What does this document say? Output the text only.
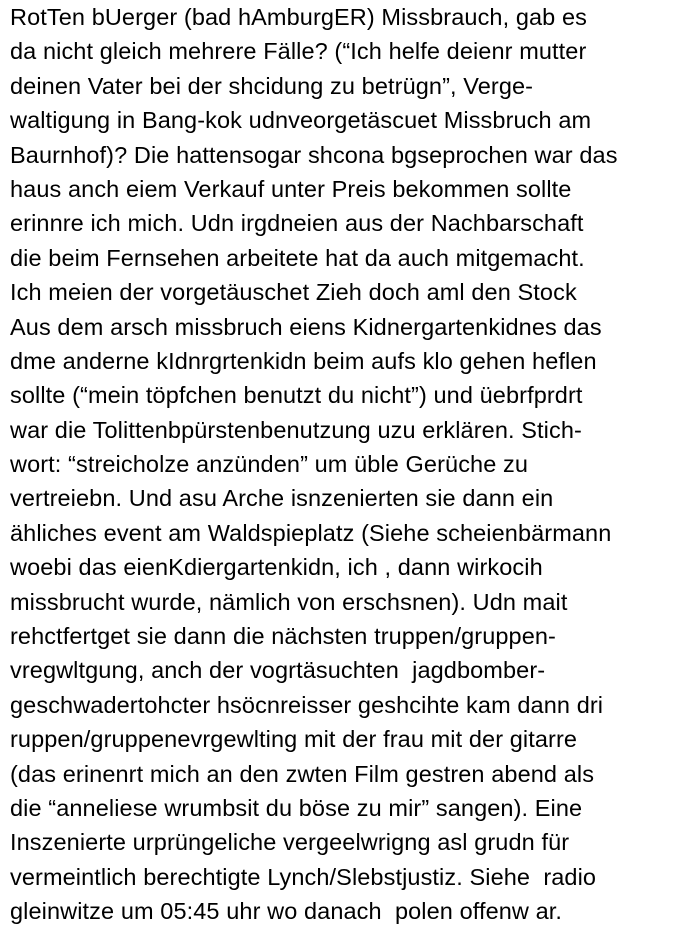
RotTen bUerger (bad hAmburgER) Missbrauch, gab es
da nicht gleich mehrere Fälle? (“Ich helfe deienr mutter
deinen Vater bei der shcidung zu betrügn”, Verge-
waltigung in Bang-kok udnveorgetäscuet Missbruch am
Baurnhof)? Die hattensogar shcona bgseprochen war das
haus anch eiem Verkauf unter Preis bekommen sollte
erinnre ich mich. Udn irgdneien aus der Nachbarschaft
die beim Fernsehen arbeitete hat da auch mitgemacht.
Ich meien der vorgetäuschet Zieh doch aml den Stock
Aus dem arsch missbruch eiens Kidnergartenkidnes das
dme anderne kIdnrgrtenkidn beim aufs klo gehen heflen
sollte (“mein töpfchen benutzt du nicht”) und üebrfprdrt
war die Tolittenbpürstenbenutzung uzu erklären. Stich-
wort: “streicholze anzünden” um üble Gerüche zu
vertreiebn. Und asu Arche isnzenierten sie dann ein
ähliches event am Waldspieplatz (Siehe scheienbärmann
woebi das eienKdiergartenkidn, ich , dann wirkocih
missbrucht wurde, nämlich von erschsnen). Udn mait
rehctfertget sie dann die nächsten truppen/gruppen-
vregwltgung, anch der vogrtäsuchten  jagdbomber-
geschwadertohcter hsöcnreisser geshcihte kam dann dri
ruppen/gruppenevrgewlting mit der frau mit der gitarre
(das erinenrt mich an den zwten Film gestren abend als
die “anneliese wrumbsit du böse zu mir” sangen). Eine
Inszenierte urprüngeliche vergeelwrigng asl grudn für
vermeintlich berechtigte Lynch/Slebstjustiz. Siehe  radio
gleinwitze um 05:45 uhr wo danach  polen offenw ar.
